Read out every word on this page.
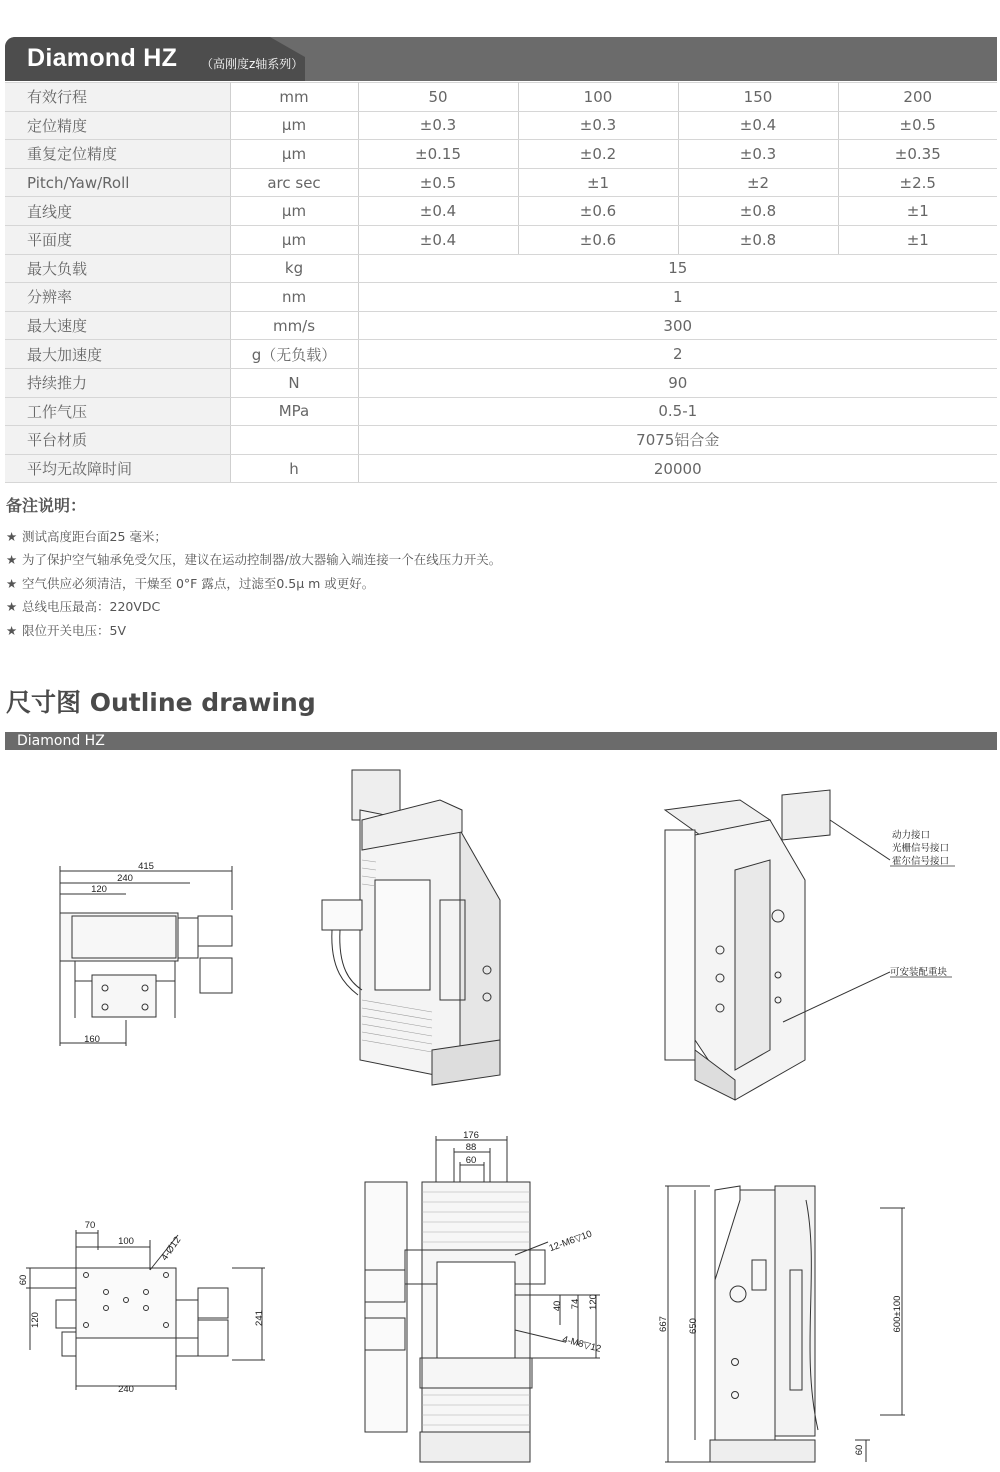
Diamond HZ （高刚度z轴系列）
有效行程	mm	50	100	150	200
定位精度	μm	±0.3	±0.3	±0.4	±0.5
重复定位精度	μm	±0.15	±0.2	±0.3	±0.35
Pitch/Yaw/Roll	arc sec	±0.5	±1	±2	±2.5
直线度	μm	±0.4	±0.6	±0.8	±1
平面度	μm	±0.4	±0.6	±0.8	±1
最大负载	kg	15			
分辨率	nm	1			
最大速度	mm/s	300			
最大加速度	g（无负载）	2			
持续推力	N	90			
工作气压	MPa	0.5-1			
平台材质		7075铝合金			
平均无故障时间	h	20000			
备注说明：
★ 测试高度距台面25 毫米；
★ 为了保护空气轴承免受欠压，建议在运动控制器/放大器输入端连接一个在线压力开关。
★ 空气供应必须清洁，干燥至 0°F 露点，过滤至0.5μ m 或更好。
★ 总线电压最高：220VDC
★ 限位开关电压：5V
尺寸图 Outline drawing
Diamond HZ
415
240
120
160
70
100
240
60
120	241
4-Ø12
176
88
60
40 74 120
12-M6▽10
4-M8▽12
667 650	600±100
60
动力接口
光栅信号接口
霍尔信号接口
可安装配重块
